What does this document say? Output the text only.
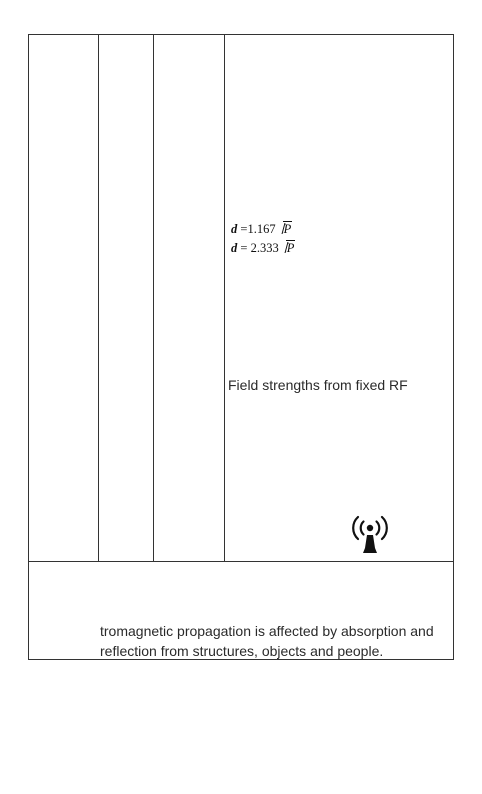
d =1.167 P
d = 2.333 P
Field strengths from fixed RF
tromagnetic propagation is affected by absorption and
reflection from structures, objects and people.
